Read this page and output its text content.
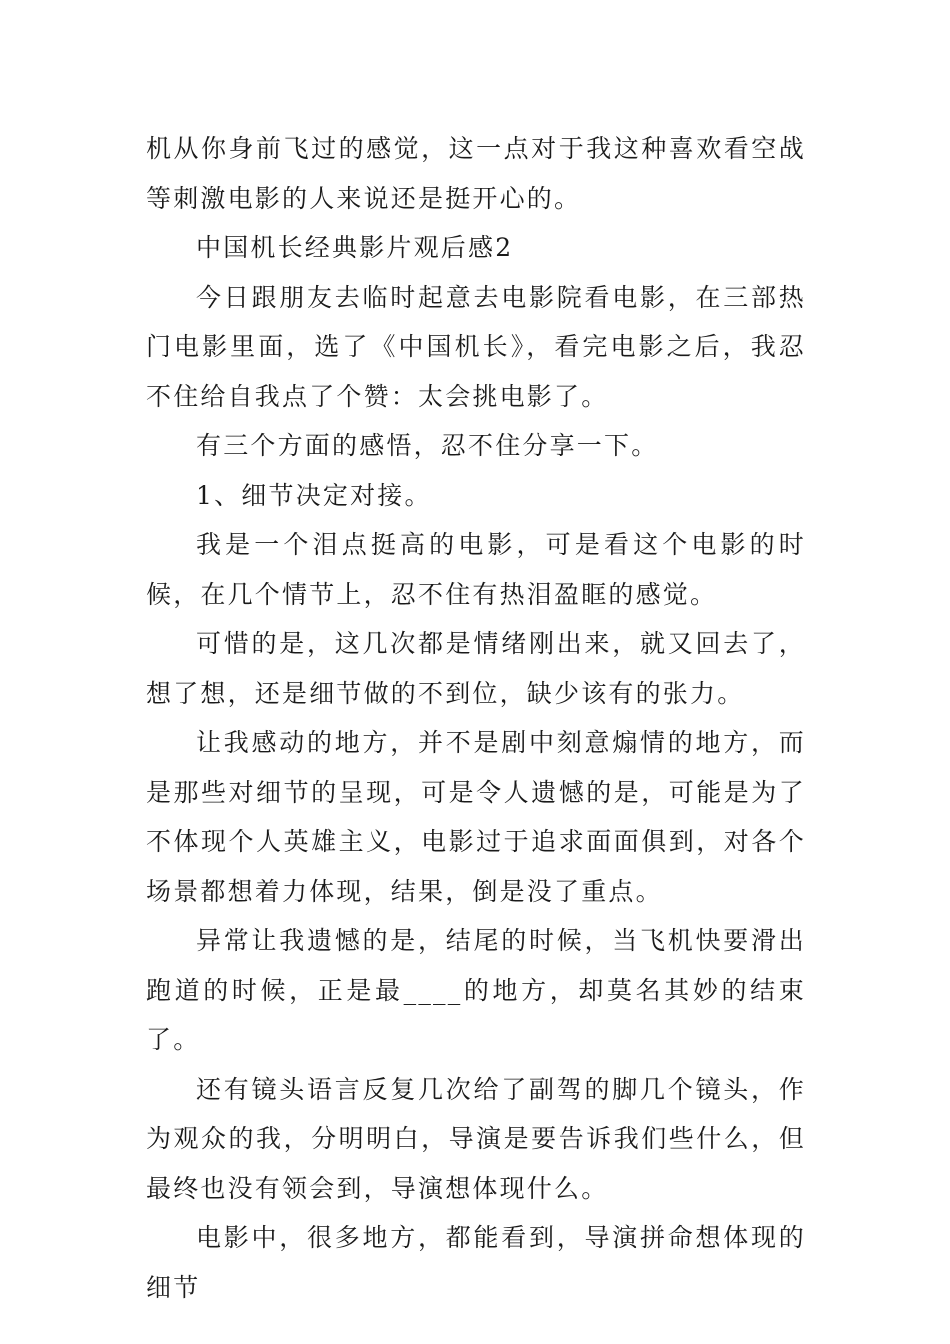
机从你身前飞过的感觉，这一点对于我这种喜欢看空战等刺激电影的人来说还是挺开心的。

中国机长经典影片观后感2

今日跟朋友去临时起意去电影院看电影，在三部热门电影里面，选了《中国机长》，看完电影之后，我忍不住给自我点了个赞：太会挑电影了。

有三个方面的感悟，忍不住分享一下。

1、细节决定对接。

我是一个泪点挺高的电影，可是看这个电影的时候，在几个情节上，忍不住有热泪盈眶的感觉。

可惜的是，这几次都是情绪刚出来，就又回去了，想了想，还是细节做的不到位，缺少该有的张力。

让我感动的地方，并不是剧中刻意煽情的地方，而是那些对细节的呈现，可是令人遗憾的是，可能是为了不体现个人英雄主义，电影过于追求面面俱到，对各个场景都想着力体现，结果，倒是没了重点。

异常让我遗憾的是，结尾的时候，当飞机快要滑出跑道的时候，正是最____的地方，却莫名其妙的结束了。

还有镜头语言反复几次给了副驾的脚几个镜头，作为观众的我，分明明白，导演是要告诉我们些什么，但最终也没有领会到，导演想体现什么。

电影中，很多地方，都能看到，导演拼命想体现的细节
